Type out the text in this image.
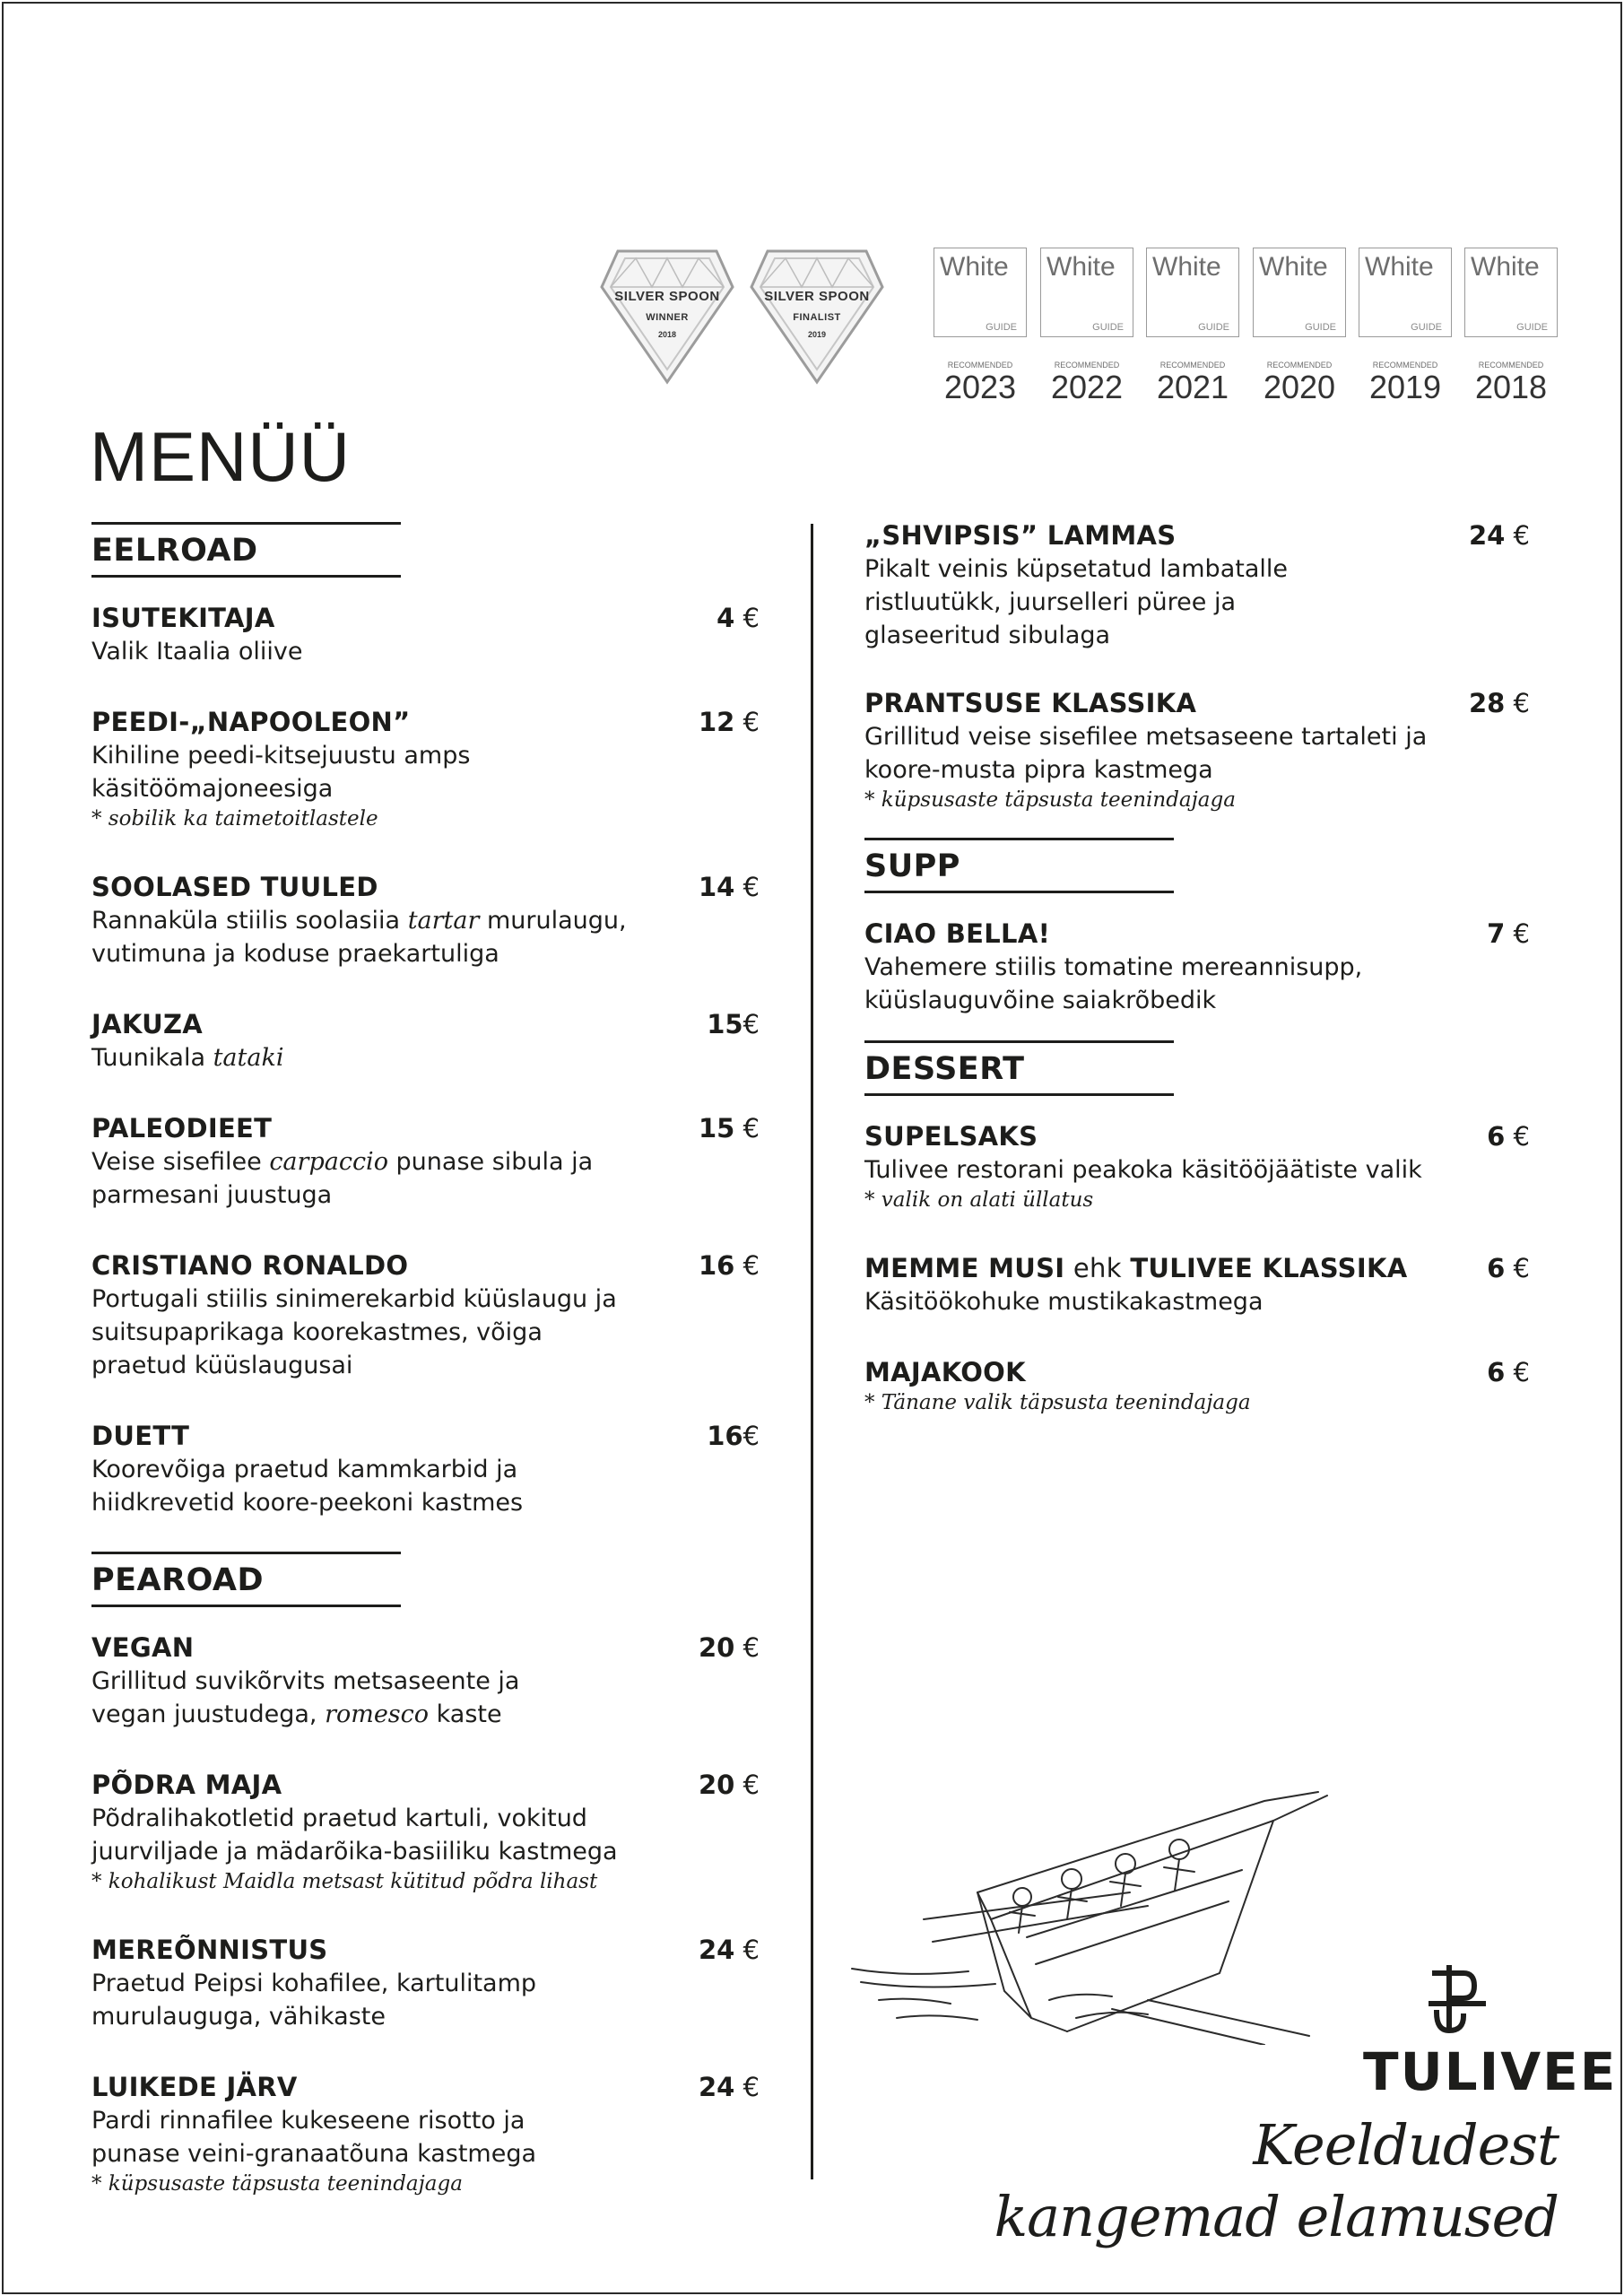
SILVER SPOON
WINNER
2018
SILVER SPOON
FINALIST
2019
White
GUIDE
RECOMMENDED
2023
White
GUIDE
RECOMMENDED
2022
White
GUIDE
RECOMMENDED
2021
White
GUIDE
RECOMMENDED
2020
White
GUIDE
RECOMMENDED
2019
White
GUIDE
RECOMMENDED
2018
MENÜÜ
EELROAD
ISUTEKITAJA	4 €
Valik Itaalia oliive
PEEDI-„NAPOOLEON”	12 €
Kihiline peedi-kitsejuustu amps käsitöömajoneesiga
* sobilik ka taimetoitlastele
SOOLASED TUULED	14 €
Rannaküla stiilis soolasiia tartar murulaugu, vutimuna ja koduse praekartuliga
JAKUZA	15€
Tuunikala tataki
PALEODIEET	15 €
Veise sisefilee carpaccio punase sibula ja parmesani juustuga
CRISTIANO RONALDO	16 €
Portugali stiilis sinimerekarbid küüslaugu ja suitsupaprikaga koorekastmes, võiga praetud küüslaugusai
DUETT	16€
Koorevõiga praetud kammkarbid ja hiidkrevetid koore-peekoni kastmes
PEAROAD
VEGAN	20 €
Grillitud suvikõrvits metsaseente ja vegan juustudega, romesco kaste
PÕDRA MAJA	20 €
Põdralihakotletid praetud kartuli, vokitud juurviljade ja mädarõika-basiiliku kastmega
* kohalikust Maidla metsast kütitud põdra lihast
MEREÕNNISTUS	24 €
Praetud Peipsi kohafilee, kartulitamp murulauguga, vähikaste
LUIKEDE JÄRV	24 €
Pardi rinnafilee kukeseene risotto ja punase veini-granaatõuna kastmega
* küpsusaste täpsusta teenindajaga
„SHVIPSIS” LAMMAS	24 €
Pikalt veinis küpsetatud lambatalle ristluutükk, juurselleri püree ja glaseeritud sibulaga
PRANTSUSE KLASSIKA	28 €
Grillitud veise sisefilee metsaseene tartaleti ja koore-musta pipra kastmega
* küpsusaste täpsusta teenindajaga
SUPP
CIAO BELLA!	7 €
Vahemere stiilis tomatine mereannisupp, küüslauguvõine saiakrõbedik
DESSERT
SUPELSAKS	6 €
Tulivee restorani peakoka käsitööjäätiste valik
* valik on alati üllatus
MEMME MUSI ehk TULIVEE KLASSIKA	6 €
Käsitöökohuke mustikakastmega
MAJAKOOK	6 €
* Tänane valik täpsusta teenindajaga
TULIVEE
Keeldudest kangemad elamused
